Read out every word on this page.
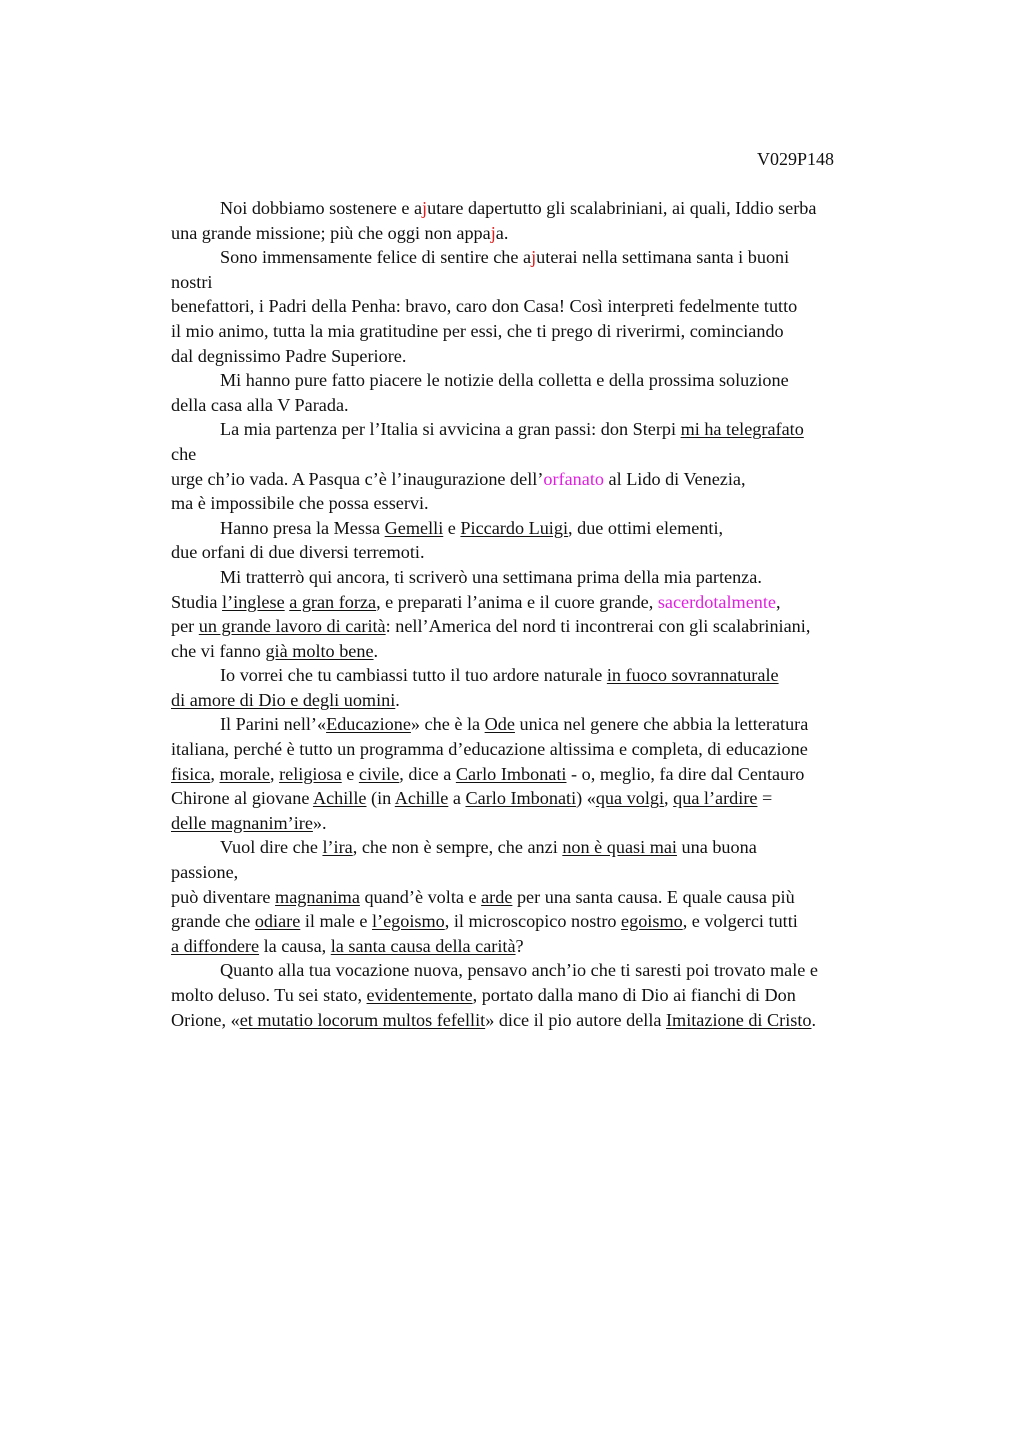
V029P148
Noi dobbiamo sostenere e ajutare dapertutto gli scalabriniani, ai quali, Iddio serba
una grande missione; più che oggi non appaja.
Sono immensamente felice di sentire che ajuterai nella settimana santa i buoni
nostri
benefattori, i Padri della Penha: bravo, caro don Casa! Così interpreti fedelmente tutto
il mio animo, tutta la mia gratitudine per essi, che ti prego di riverirmi, cominciando
dal degnissimo Padre Superiore.
Mi hanno pure fatto piacere le notizie della colletta e della prossima soluzione
della casa alla V Parada.
La mia partenza per l’Italia si avvicina a gran passi: don Sterpi mi ha telegrafato
che
urge ch’io vada. A Pasqua c’è l’inaugurazione dell’orfanato al Lido di Venezia,
ma è impossibile che possa esservi.
Hanno presa la Messa Gemelli e Piccardo Luigi, due ottimi elementi,
due orfani di due diversi terremoti.
Mi tratterrò qui ancora, ti scriverò una settimana prima della mia partenza.
Studia l’inglese a gran forza, e preparati l’anima e il cuore grande, sacerdotalmente,
per un grande lavoro di carità: nell’America del nord ti incontrerai con gli scalabriniani,
che vi fanno già molto bene.
Io vorrei che tu cambiassi tutto il tuo ardore naturale in fuoco sovrannaturale
di amore di Dio e degli uomini.
Il Parini nell’«Educazione» che è la Ode unica nel genere che abbia la letteratura
italiana, perché è tutto un programma d’educazione altissima e completa, di educazione
fisica, morale, religiosa e civile, dice a Carlo Imbonati - o, meglio, fa dire dal Centauro
Chirone al giovane Achille (in Achille a Carlo Imbonati) «qua volgi, qua l’ardire =
delle magnanim’ire».
Vuol dire che l’ira, che non è sempre, che anzi non è quasi mai una buona
passione,
può diventare magnanima quand’è volta e arde per una santa causa. E quale causa più
grande che odiare il male e l’egoismo, il microscopico nostro egoismo, e volgerci tutti
a diffondere la causa, la santa causa della carità?
Quanto alla tua vocazione nuova, pensavo anch’io che ti saresti poi trovato male e
molto deluso. Tu sei stato, evidentemente, portato dalla mano di Dio ai fianchi di Don
Orione, «et mutatio locorum multos fefellit» dice il pio autore della Imitazione di Cristo.
